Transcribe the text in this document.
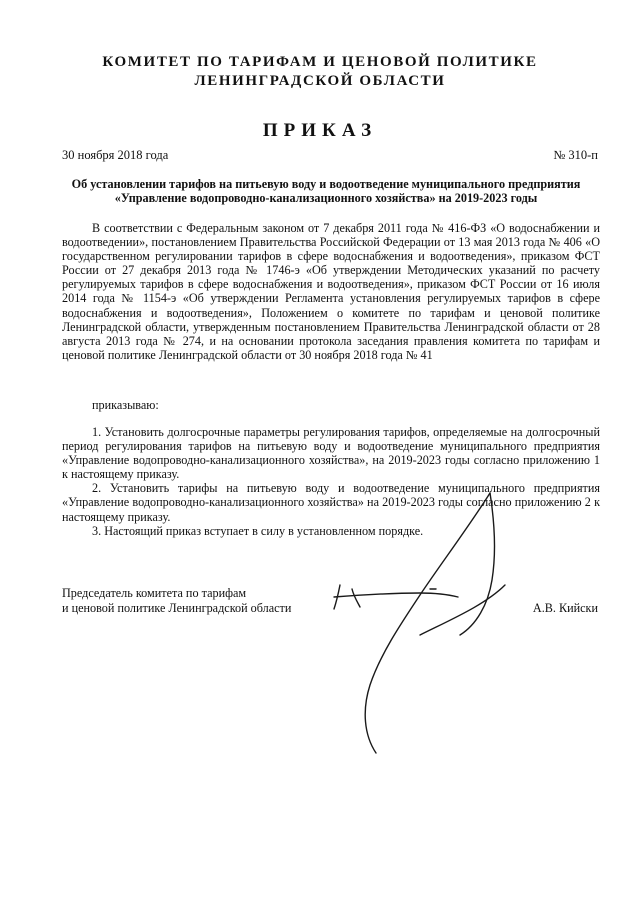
КОМИТЕТ ПО ТАРИФАМ И ЦЕНОВОЙ ПОЛИТИКЕ
ЛЕНИНГРАДСКОЙ ОБЛАСТИ
ПРИКАЗ
30 ноября 2018 года	№ 310-п
Об установлении тарифов на питьевую воду и водоотведение муниципального предприятия
«Управление водопроводно-канализационного хозяйства» на 2019-2023 годы

В соответствии с Федеральным законом от 7 декабря 2011 года № 416-ФЗ «О водоснабжении и водоотведении», постановлением Правительства Российской Федерации от 13 мая 2013 года № 406 «О государственном регулировании тарифов в сфере водоснабжения и водоотведения», приказом ФСТ России от 27 декабря 2013 года № 1746-э «Об утверждении Методических указаний по расчету регулируемых тарифов в сфере водоснабжения и водоотведения», приказом ФСТ России от 16 июля 2014 года № 1154-э «Об утверждении Регламента установления регулируемых тарифов в сфере водоснабжения и водоотведения», Положением о комитете по тарифам и ценовой политике Ленинградской области, утвержденным постановлением Правительства Ленинградской области от 28 августа 2013 года № 274, и на основании протокола заседания правления комитета по тарифам и ценовой политике Ленинградской области от 30 ноября 2018 года № 41

приказываю:

1. Установить долгосрочные параметры регулирования тарифов, определяемые на долгосрочный период регулирования тарифов на питьевую воду и водоотведение муниципального предприятия «Управление водопроводно-канализационного хозяйства», на 2019-2023 годы согласно приложению 1 к настоящему приказу.

2. Установить тарифы на питьевую воду и водоотведение муниципального предприятия «Управление водопроводно-канализационного хозяйства» на 2019-2023 годы согласно приложению 2 к настоящему приказу.

3. Настоящий приказ вступает в силу в установленном порядке.

Председатель комитета по тарифам
и ценовой политике Ленинградской области	А.В. Кийски
